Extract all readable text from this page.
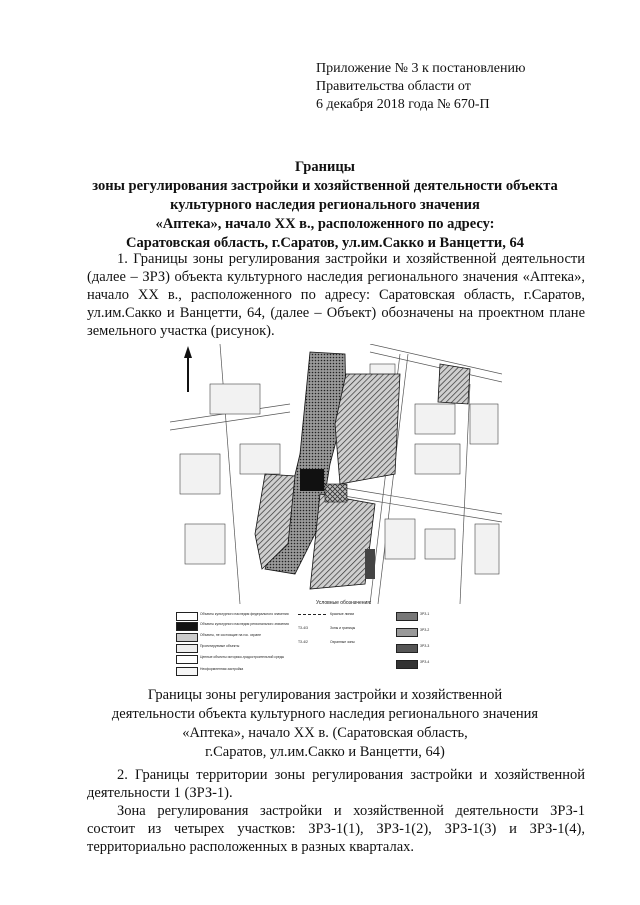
Приложение № 3 к постановлению
Правительства области от
6 декабря 2018 года № 670-П
Границы
зоны регулирования застройки и хозяйственной деятельности объекта
культурного наследия регионального значения
«Аптека», начало XX в., расположенного по адресу:
Саратовская область, г.Саратов, ул.им.Сакко и Ванцетти, 64
1. Границы зоны регулирования застройки и хозяйственной деятельности (далее – ЗРЗ) объекта культурного наследия регионального значения «Аптека», начало XX в., расположенного по адресу: Саратовская область, г.Саратов, ул.им.Сакко и Ванцетти, 64, (далее – Объект) обозначены на проектном плане земельного участка (рисунок).
Условные обозначения:
Объекты культурного наследия федерального значения
Объекты культурного наследия регионального значения
Объекты, не состоящие на гос. охране
Проектируемые объекты
Ценные объекты историко-градостроительной среды
Неоформленная застройка
Красные линии
ТЗ-4/3	Зоны и границы
ТЗ-4/2	Охранные зоны
ЗРЗ-1
ЗРЗ-2
ЗРЗ-3
ЗРЗ-4
Границы зоны регулирования застройки и хозяйственной
деятельности объекта культурного наследия регионального значения
«Аптека», начало XX в. (Саратовская область,
г.Саратов, ул.им.Сакко и Ванцетти, 64)
2. Границы территории зоны регулирования застройки и хозяйственной деятельности 1 (ЗРЗ-1).
Зона регулирования застройки и хозяйственной деятельности ЗРЗ-1 состоит из четырех участков: ЗРЗ-1(1), ЗРЗ-1(2), ЗРЗ-1(3) и ЗРЗ-1(4), территориально расположенных в разных кварталах.
